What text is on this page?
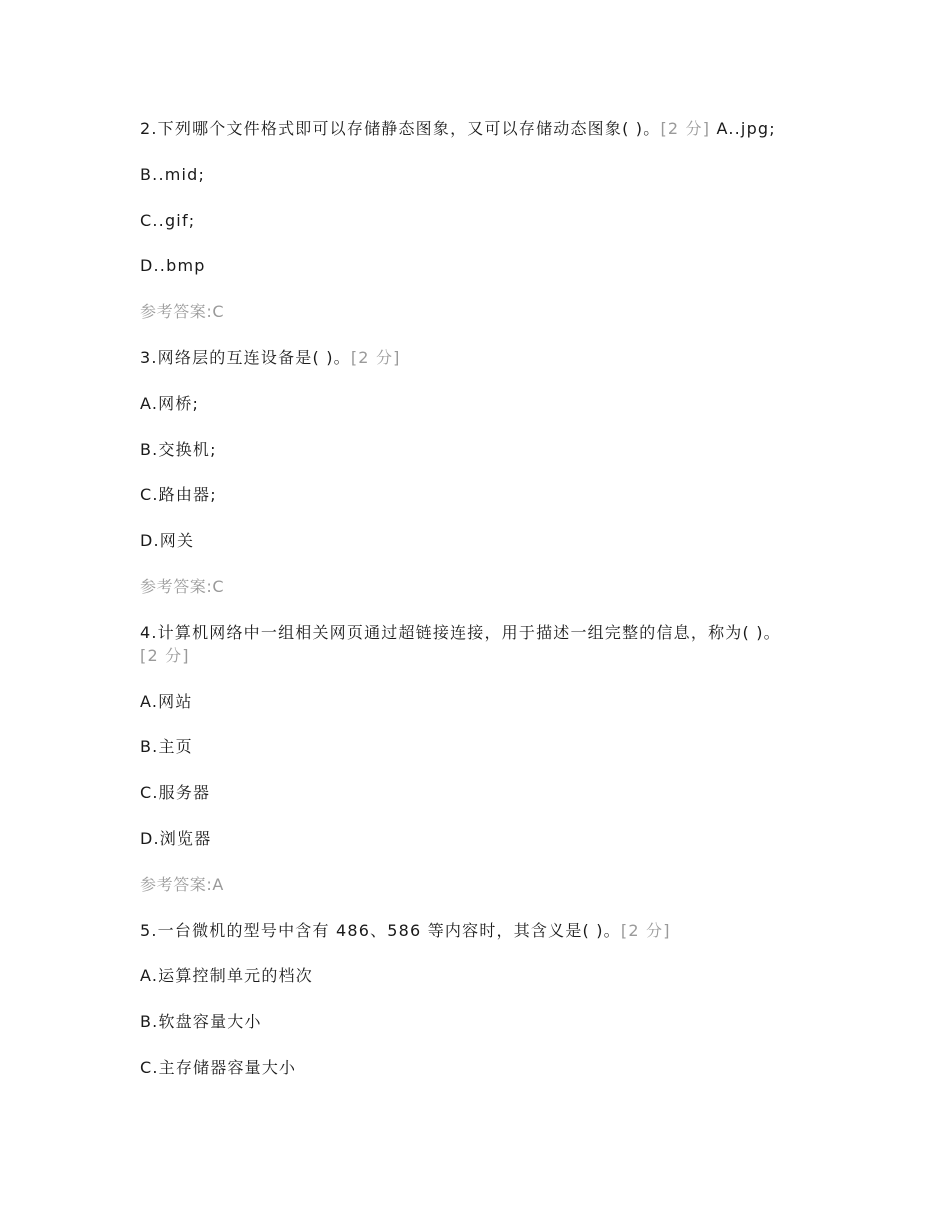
2.下列哪个文件格式即可以存储静态图象，又可以存储动态图象( )。[2 分] A..jpg;
B..mid;
C..gif;
D..bmp
参考答案:C
3.网络层的互连设备是( )。[2 分]
A.网桥;
B.交换机;
C.路由器;
D.网关
参考答案:C
4.计算机网络中一组相关网页通过超链接连接，用于描述一组完整的信息，称为( )。
[2 分]
A.网站
B.主页
C.服务器
D.浏览器
参考答案:A
5.一台微机的型号中含有 486、586 等内容时，其含义是( )。[2 分]
A.运算控制单元的档次
B.软盘容量大小
C.主存储器容量大小
